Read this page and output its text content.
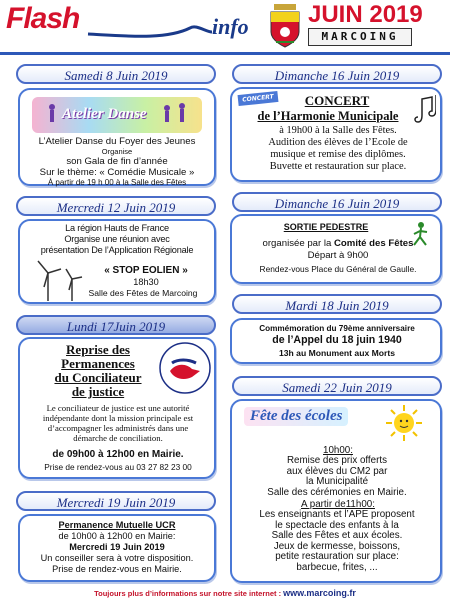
Flash	info JUIN 2019
MARCOING
Samedi 8 Juin 2019
Atelier Danse
L’Atelier Danse du Foyer des Jeunes
Organise
son Gala de fin d’année
Sur le thème: « Comédie Musicale »
À partir de 19 h 00 à la Salle des Fêtes
Mercredi 12 Juin 2019
La région Hauts de France
Organise une réunion avec
présentation De l’Application Régionale
« STOP EOLIEN »
18h30
Salle des Fêtes de Marcoing
Lundi 17Juin 2019
Reprise des
Permanences
du Conciliateur
de justice
Le conciliateur de justice est une autorité
indépendante dont la mission principale est
d’accompagner les administrés dans une
démarche de conciliation.
de 09h00 à 12h00 en Mairie.
Prise de rendez-vous au 03 27 82 23 00
Mercredi 19 Juin 2019
Permanence Mutuelle UCR
de 10h00 à 12h00 en Mairie:
Mercredi 19 Juin 2019
Un conseiller sera à votre disposition.
Prise de rendez-vous en Mairie.
Dimanche 16 Juin 2019
CONCERT	CONCERT
de l’Harmonie Municipale
à 19h00 à la Salle des Fêtes.
Audition des élèves de l’Ecole de
musique et remise des diplômes.
Buvette et restauration sur place.
Dimanche 16 Juin 2019
SORTIE PEDESTRE
organisée par la Comité des Fêtes
Départ à 9h00
Rendez-vous Place du Général de Gaulle.
Mardi 18 Juin 2019
Commémoration du 79ème anniversaire
de l’Appel du 18 juin 1940
13h au Monument aux Morts
Samedi 22 Juin 2019
Fête des écoles
10h00:
Remise des prix offerts
aux élèves du CM2 par
la Municipalité
Salle des cérémonies en Mairie.
A partir de11h00:
Les enseignants et l’APE proposent
le spectacle des enfants à la
Salle des Fêtes et aux écoles.
Jeux de kermesse, boissons,
petite restauration sur place:
barbecue, frites, ...
Toujours plus d’informations sur notre site internet : www.marcoing.fr
